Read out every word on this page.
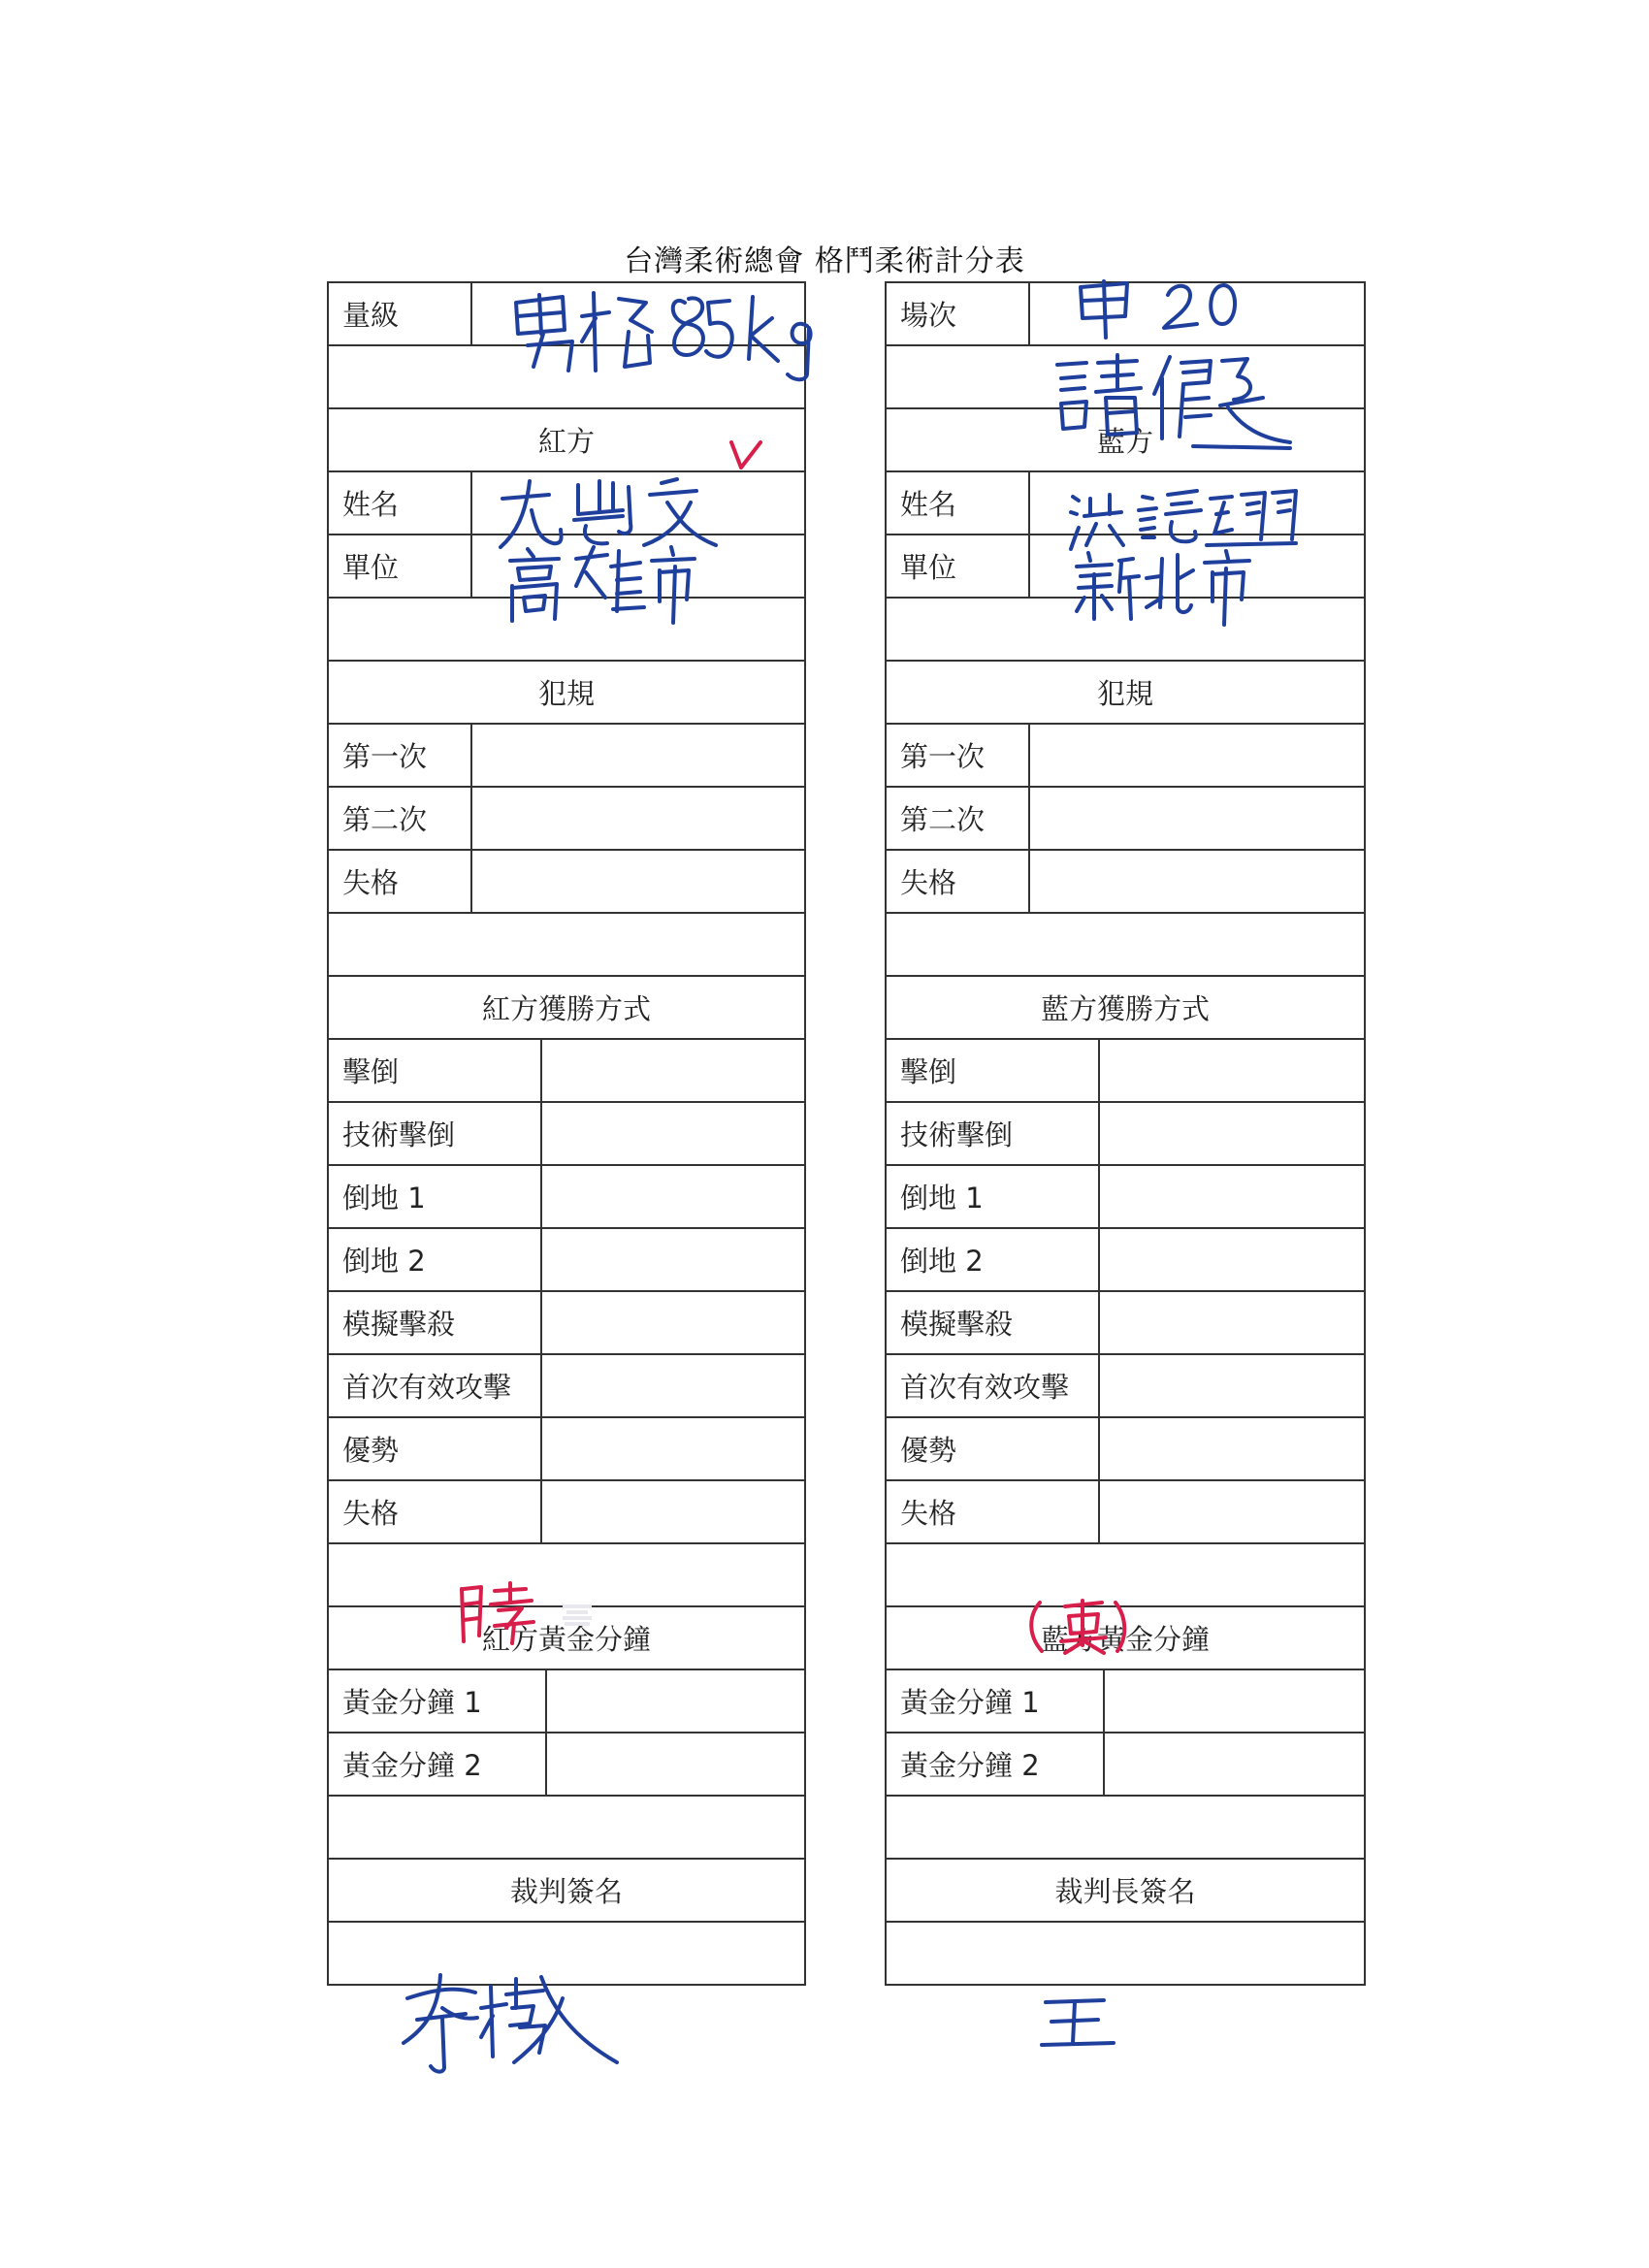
台灣柔術總會 格鬥柔術計分表
量級
紅方
姓名
單位
犯規
第一次
第二次
失格
紅方獲勝方式
擊倒
技術擊倒
倒地 1
倒地 2
模擬擊殺
首次有效攻擊
優勢
失格
紅方黃金分鐘
黃金分鐘 1
黃金分鐘 2
裁判簽名
場次
藍方
姓名
單位
犯規
第一次
第二次
失格
藍方獲勝方式
擊倒
技術擊倒
倒地 1
倒地 2
模擬擊殺
首次有效攻擊
優勢
失格
藍方黃金分鐘
黃金分鐘 1
黃金分鐘 2
裁判長簽名
